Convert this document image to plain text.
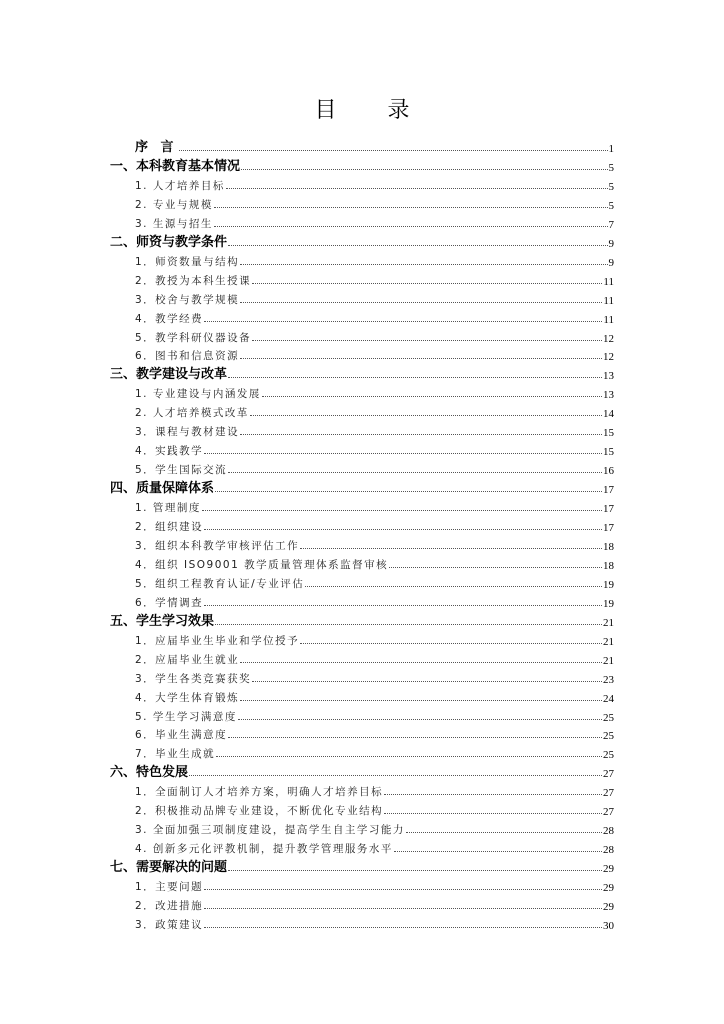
目 录
序 言	1
一、本科教育基本情况	5
1. 人才培养目标	5
2. 专业与规模	5
3. 生源与招生	7
二、师资与教学条件	9
1．师资数量与结构	9
2．教授为本科生授课	11
3．校舍与教学规模	11
4．教学经费	11
5．教学科研仪器设备	12
6．图书和信息资源	12
三、教学建设与改革	13
1. 专业建设与内涵发展	13
2. 人才培养模式改革	14
3．课程与教材建设	15
4．实践教学	15
5．学生国际交流	16
四、质量保障体系	17
1. 管理制度	17
2．组织建设	17
3．组织本科教学审核评估工作	18
4．组织 ISO9001 教学质量管理体系监督审核	18
5．组织工程教育认证/专业评估	19
6．学情调查	19
五、学生学习效果	21
1．应届毕业生毕业和学位授予	21
2．应届毕业生就业	21
3．学生各类竞赛获奖	23
4．大学生体育锻炼	24
5. 学生学习满意度	25
6．毕业生满意度	25
7．毕业生成就	25
六、特色发展	27
1．全面制订人才培养方案，明确人才培养目标	27
2．积极推动品牌专业建设，不断优化专业结构	27
3. 全面加强三项制度建设，提高学生自主学习能力	28
4. 创新多元化评教机制，提升教学管理服务水平	28
七、需要解决的问题	29
1．主要问题	29
2．改进措施	29
3．政策建议	30
